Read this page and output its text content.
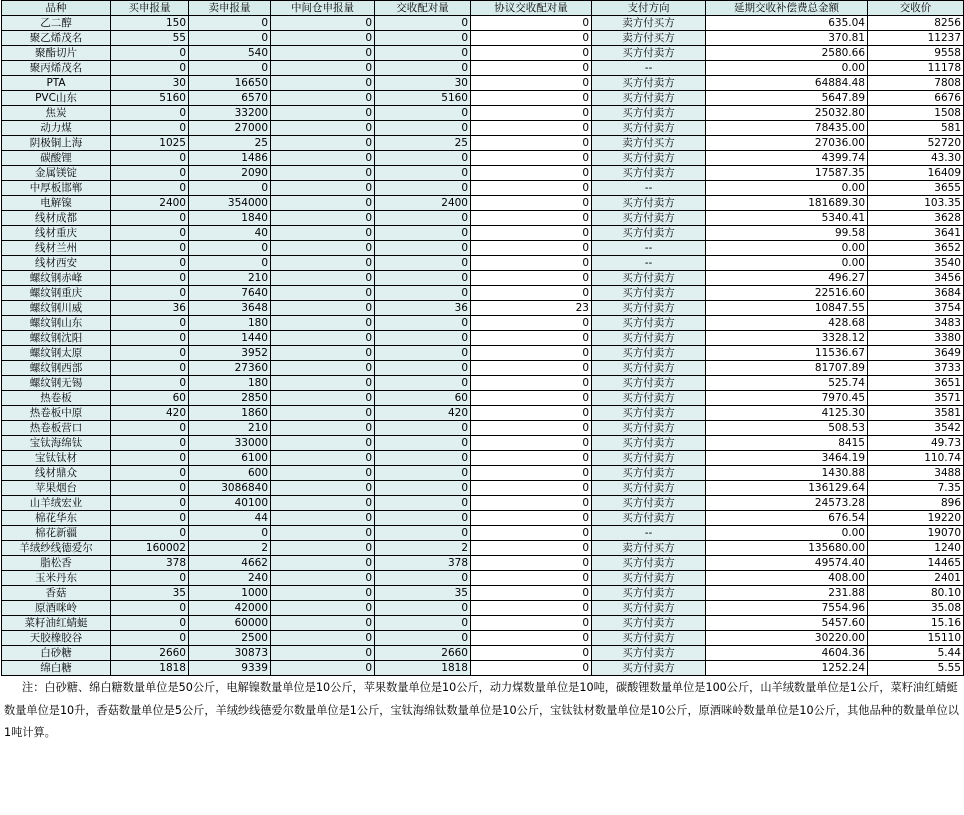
品种	买申报量	卖申报量	中间仓申报量	交收配对量	协议交收配对量	支付方向	延期交收补偿费总金额	交收价
乙二醇	150	0	0	0	0	卖方付买方	635.04	8256
聚乙烯茂名	55	0	0	0	0	卖方付买方	370.81	11237
聚酯切片	0	540	0	0	0	买方付卖方	2580.66	9558
聚丙烯茂名	0	0	0	0	0	--	0.00	11178
PTA	30	16650	0	30	0	买方付卖方	64884.48	7808
PVC山东	5160	6570	0	5160	0	买方付卖方	5647.89	6676
焦炭	0	33200	0	0	0	买方付卖方	25032.80	1508
动力煤	0	27000	0	0	0	买方付卖方	78435.00	581
阴极铜上海	1025	25	0	25	0	卖方付买方	27036.00	52720
碳酸锂	0	1486	0	0	0	买方付卖方	4399.74	43.30
金属镁锭	0	2090	0	0	0	买方付卖方	17587.35	16409
中厚板邯郸	0	0	0	0	0	--	0.00	3655
电解镍	2400	354000	0	2400	0	买方付卖方	181689.30	103.35
线材成都	0	1840	0	0	0	买方付卖方	5340.41	3628
线材重庆	0	40	0	0	0	买方付卖方	99.58	3641
线材兰州	0	0	0	0	0	--	0.00	3652
线材西安	0	0	0	0	0	--	0.00	3540
螺纹钢赤峰	0	210	0	0	0	买方付卖方	496.27	3456
螺纹钢重庆	0	7640	0	0	0	买方付卖方	22516.60	3684
螺纹钢川威	36	3648	0	36	23	买方付卖方	10847.55	3754
螺纹钢山东	0	180	0	0	0	买方付卖方	428.68	3483
螺纹钢沈阳	0	1440	0	0	0	买方付卖方	3328.12	3380
螺纹钢太原	0	3952	0	0	0	买方付卖方	11536.67	3649
螺纹钢西部	0	27360	0	0	0	买方付卖方	81707.89	3733
螺纹钢无锡	0	180	0	0	0	买方付卖方	525.74	3651
热卷板	60	2850	0	60	0	买方付卖方	7970.45	3571
热卷板中原	420	1860	0	420	0	买方付卖方	4125.30	3581
热卷板营口	0	210	0	0	0	买方付卖方	508.53	3542
宝钛海绵钛	0	33000	0	0	0	买方付卖方	8415	49.73
宝钛钛材	0	6100	0	0	0	买方付卖方	3464.19	110.74
线材鼎众	0	600	0	0	0	买方付卖方	1430.88	3488
苹果烟台	0	3086840	0	0	0	买方付卖方	136129.64	7.35
山羊绒宏业	0	40100	0	0	0	买方付卖方	24573.28	896
棉花华东	0	44	0	0	0	买方付卖方	676.54	19220
棉花新疆	0	0	0	0	0	--	0.00	19070
羊绒纱线德爱尔	160002	2	0	2	0	卖方付买方	135680.00	1240
脂松香	378	4662	0	378	0	买方付卖方	49574.40	14465
玉米丹东	0	240	0	0	0	买方付卖方	408.00	2401
香菇	35	1000	0	35	0	买方付卖方	231.88	80.10
原酒咪岭	0	42000	0	0	0	买方付卖方	7554.96	35.08
菜籽油红蜻蜓	0	60000	0	0	0	买方付卖方	5457.60	15.16
天胶橡胶谷	0	2500	0	0	0	买方付卖方	30220.00	15110
白砂糖	2660	30873	0	2660	0	买方付卖方	4604.36	5.44
绵白糖	1818	9339	0	1818	0	买方付卖方	1252.24	5.55
注：白砂糖、绵白糖数量单位是50公斤，电解镍数量单位是10公斤，苹果数量单位是10公斤，动力煤数量单位是10吨，碳酸锂数量单位是100公斤，山羊绒数量单位是1公斤，菜籽油红蜻蜓数量单位是10升，香菇数量单位是5公斤，羊绒纱线德爱尔数量单位是1公斤，宝钛海绵钛数量单位是10公斤，宝钛钛材数量单位是10公斤，原酒咪岭数量单位是10公斤，其他品种的数量单位以1吨计算。
